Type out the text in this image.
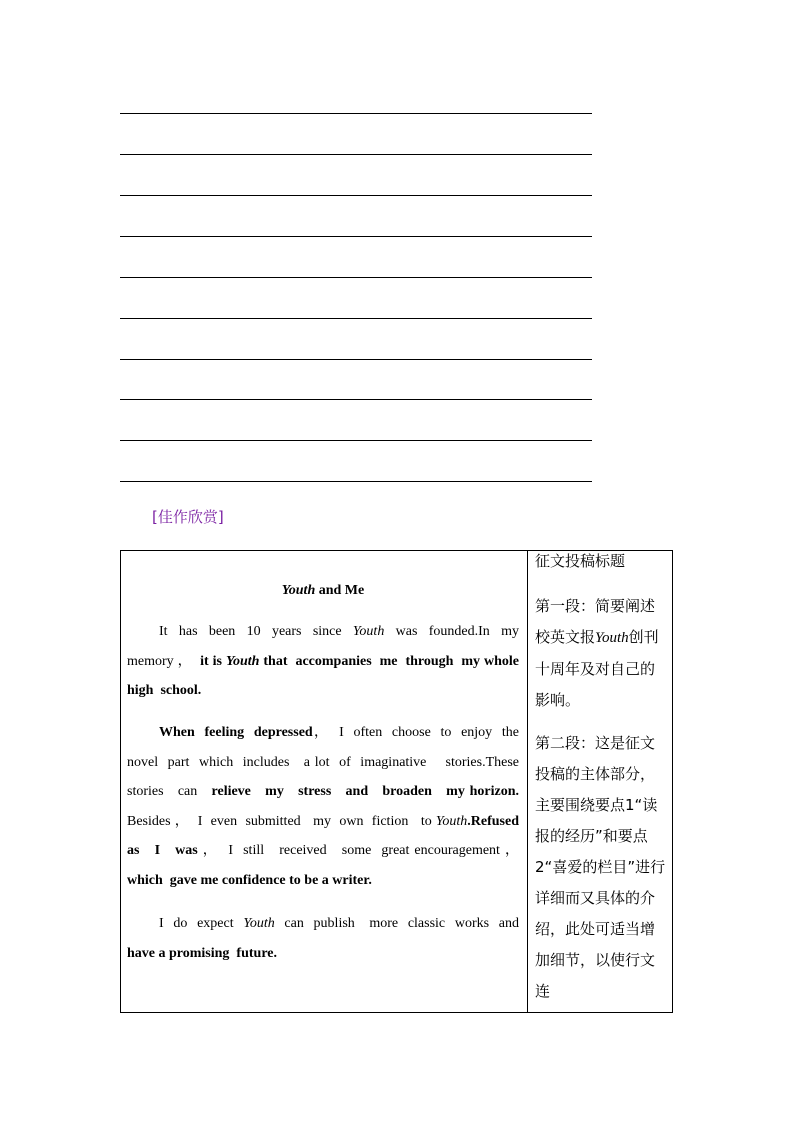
[佳作欣赏]
Youth and Me
It  has  been  10  years  since  Youth  was  founded.In  my memory ，  it is Youth that  accompanies  me  through  my whole  high  school.
When  feeling  depressed，  I  often  choose  to  enjoy  the novel  part  which  includes   a lot  of  imaginative    stories.These stories   can   relieve   my   stress   and   broaden   my horizon.  Besides ，  I  even  submitted   my  own  fiction   to Youth.Refused   as   I   was ，  I  still   received   some  great encouragement ，  which  gave me confidence to be a writer.
I  do  expect  Youth  can  publish   more  classic  works  and have a promising  future.
征文投稿标题
第一段：简要阐述校英文报Youth创刊十周年及对自己的影响。
第二段：这是征文投稿的主体部分，主要围绕要点1“读报的经历”和要点2“喜爱的栏目”进行详细而又具体的介绍，此处可适当增加细节，以使行文连
